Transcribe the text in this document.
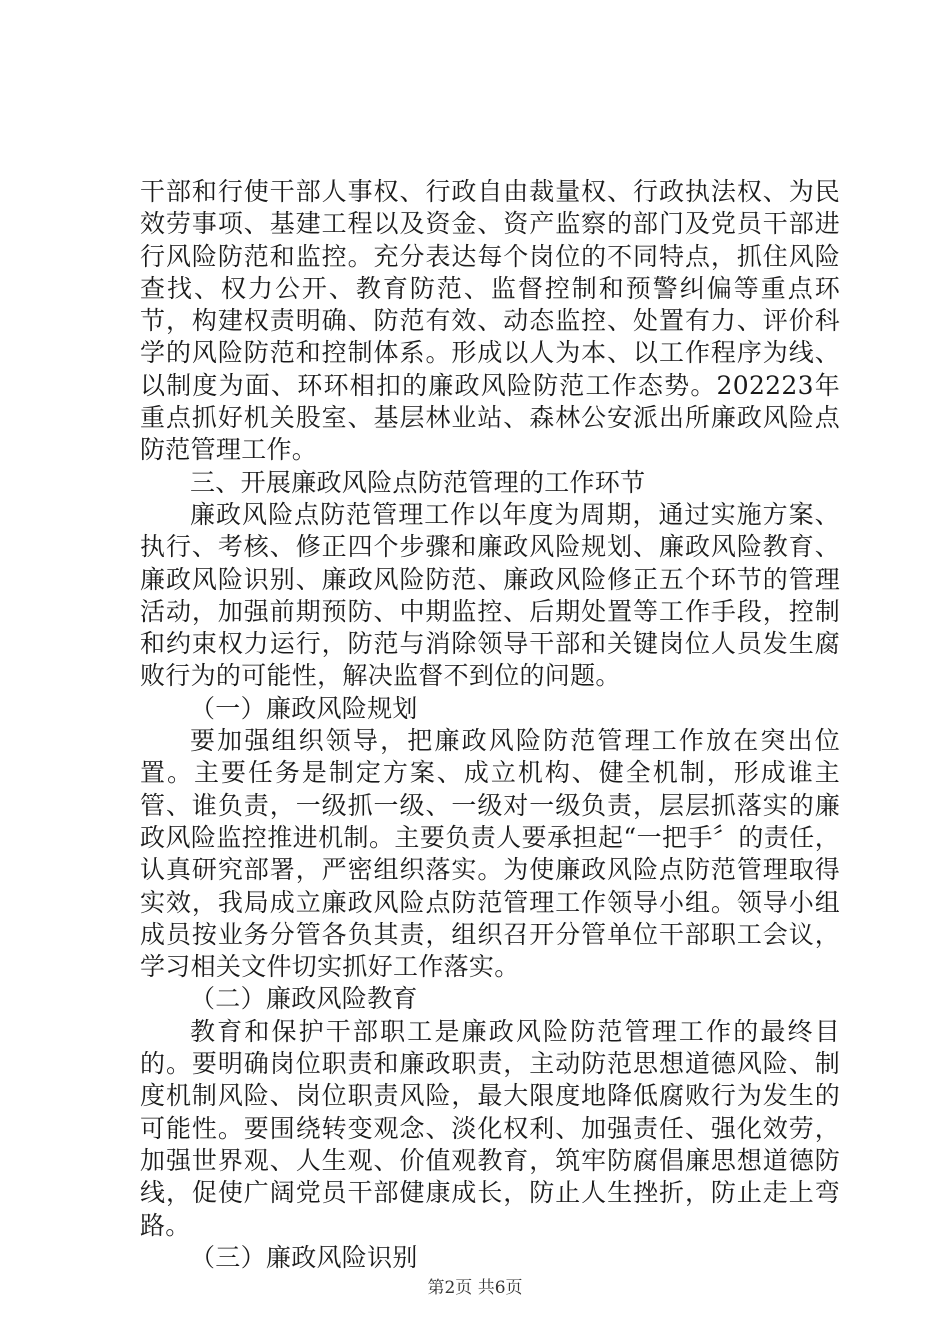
干部和行使干部人事权、行政自由裁量权、行政执法权、为民效劳事项、基建工程以及资金、资产监察的部门及党员干部进行风险防范和监控。充分表达每个岗位的不同特点，抓住风险查找、权力公开、教育防范、监督控制和预警纠偏等重点环节，构建权责明确、防范有效、动态监控、处置有力、评价科学的风险防范和控制体系。形成以人为本、以工作程序为线、以制度为面、环环相扣的廉政风险防范工作态势。202223年重点抓好机关股室、基层林业站、森林公安派出所廉政风险点防范管理工作。

三、开展廉政风险点防范管理的工作环节

廉政风险点防范管理工作以年度为周期，通过实施方案、执行、考核、修正四个步骤和廉政风险规划、廉政风险教育、廉政风险识别、廉政风险防范、廉政风险修正五个环节的管理活动，加强前期预防、中期监控、后期处置等工作手段，控制和约束权力运行，防范与消除领导干部和关键岗位人员发生腐败行为的可能性，解决监督不到位的问题。

（一）廉政风险规划

要加强组织领导，把廉政风险防范管理工作放在突出位置。主要任务是制定方案、成立机构、健全机制，形成谁主管、谁负责，一级抓一级、一级对一级负责，层层抓落实的廉政风险监控推进机制。主要负责人要承担起“一把手〞的责任，认真研究部署，严密组织落实。为使廉政风险点防范管理取得实效，我局成立廉政风险点防范管理工作领导小组。领导小组成员按业务分管各负其责，组织召开分管单位干部职工会议，学习相关文件切实抓好工作落实。

（二）廉政风险教育

教育和保护干部职工是廉政风险防范管理工作的最终目的。要明确岗位职责和廉政职责，主动防范思想道德风险、制度机制风险、岗位职责风险，最大限度地降低腐败行为发生的可能性。要围绕转变观念、淡化权利、加强责任、强化效劳，加强世界观、人生观、价值观教育，筑牢防腐倡廉思想道德防线，促使广阔党员干部健康成长，防止人生挫折，防止走上弯路。

（三）廉政风险识别

第2页 共6页
